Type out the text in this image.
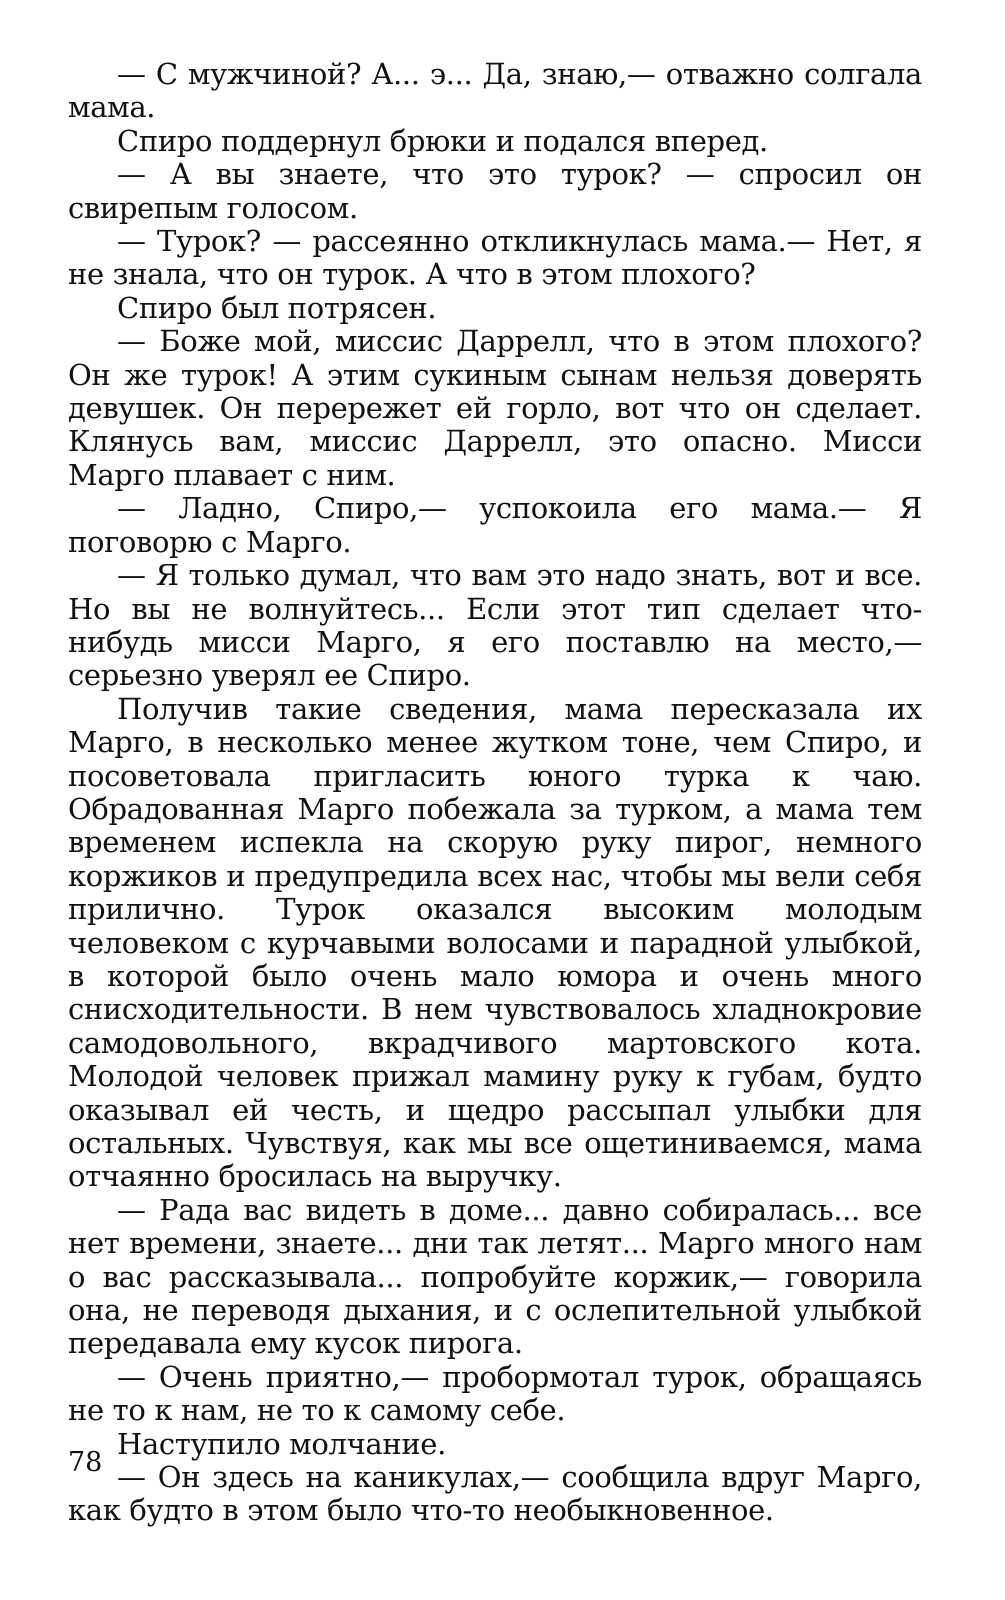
— С мужчиной? А... э... Да, знаю,— отважно солгала мама.

Спиро поддернул брюки и подался вперед.

— А вы знаете, что это турок? — спросил он свирепым голосом.

— Турок? — рассеянно откликнулась мама.— Нет, я не знала, что он турок. А что в этом плохого?

Спиро был потрясен.

— Боже мой, миссис Даррелл, что в этом плохого? Он же турок! А этим сукиным сынам нельзя доверять девушек. Он перережет ей горло, вот что он сделает. Клянусь вам, миссис Даррелл, это опасно. Мисси Марго плавает с ним.

— Ладно, Спиро,— успокоила его мама.— Я поговорю с Марго.

— Я только думал, что вам это надо знать, вот и все. Но вы не волнуйтесь... Если этот тип сделает что-нибудь мисси Марго, я его поставлю на место,— серьезно уверял ее Спиро.

Получив такие сведения, мама пересказала их Марго, в несколько менее жутком тоне, чем Спиро, и посоветовала пригласить юного турка к чаю. Обрадованная Марго побежала за турком, а мама тем временем испекла на скорую руку пирог, немного коржиков и предупредила всех нас, чтобы мы вели себя прилично. Турок оказался высоким молодым человеком с курчавыми волосами и парадной улыбкой, в которой было очень мало юмора и очень много снисходительности. В нем чувствовалось хладнокровие самодовольного, вкрадчивого мартовского кота. Молодой человек прижал мамину руку к губам, будто оказывал ей честь, и щедро рассыпал улыбки для остальных. Чувствуя, как мы все ощетиниваемся, мама отчаянно бросилась на выручку.

— Рада вас видеть в доме... давно собиралась... все нет времени, знаете... дни так летят... Марго много нам о вас рассказывала... попробуйте коржик,— говорила она, не переводя дыхания, и с ослепительной улыбкой передавала ему кусок пирога.

— Очень приятно,— пробормотал турок, обращаясь не то к нам, не то к самому себе.

Наступило молчание.

— Он здесь на каникулах,— сообщила вдруг Марго, как будто в этом было что-то необыкновенное.

78
